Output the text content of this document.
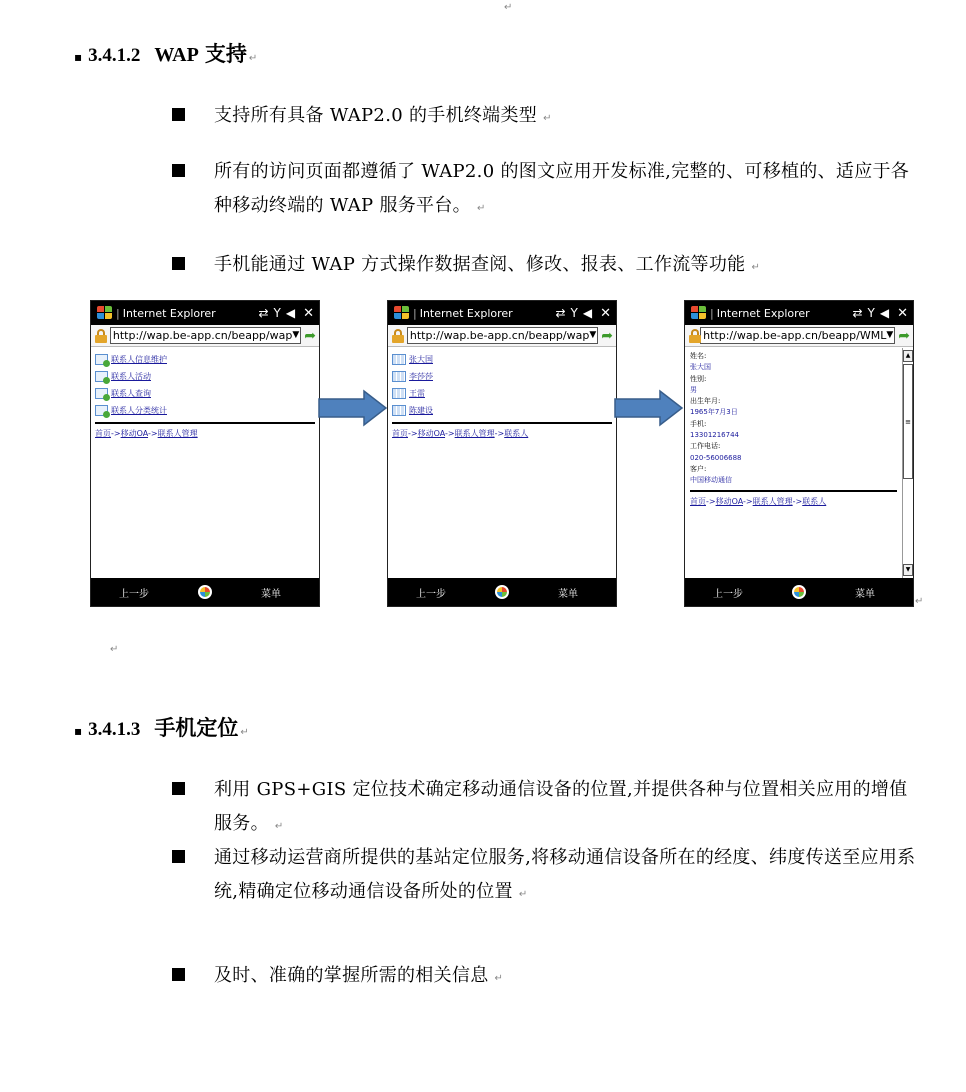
↵
▪ 3.4.1.2 WAP 支持 ↵
支持所有具备 WAP2.0 的手机终端类型 ↵
所有的访问页面都遵循了 WAP2.0 的图文应用开发标准,完整的、可移植的、适应于各种移动终端的 WAP 服务平台。 ↵
手机能通过 WAP 方式操作数据查阅、修改、报表、工作流等功能 ↵
| Internet Explorer	⇄ Y ◀ ✕
http://wap.be-app.cn/beapp/wap ▼ ➦
联系人信息维护
联系人活动
联系人查询
联系人分类统计
首页->移动OA->联系人管理
上一步	菜单
| Internet Explorer	⇄ Y ◀ ✕
http://wap.be-app.cn/beapp/wap ▼ ➦
张大国
李莎莎
王雷
陈建设
首页->移动OA->联系人管理->联系人
上一步	菜单
| Internet Explorer	⇄ Y ◀ ✕
http://wap.be-app.cn/beapp/WML ▼ ➦
姓名:
张大国
性别:
男
出生年月:
1965年7月3日
手机:
13301216744
工作电话:
020-56006688
客户:
中国移动通信
首页->移动OA->联系人管理->联系人
▲
≡
▼
上一步	菜单
↵
↵
▪ 3.4.1.3 手机定位 ↵
利用 GPS+GIS 定位技术确定移动通信设备的位置,并提供各种与位置相关应用的增值服务。 ↵
通过移动运营商所提供的基站定位服务,将移动通信设备所在的经度、纬度传送至应用系统,精确定位移动通信设备所处的位置 ↵
及时、准确的掌握所需的相关信息 ↵
